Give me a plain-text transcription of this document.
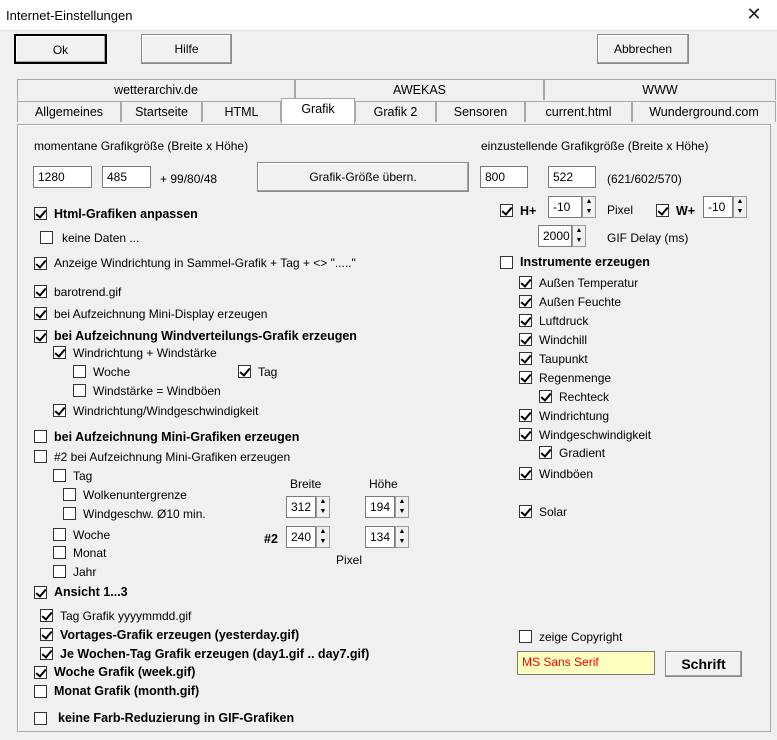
Internet-Einstellungen	✕
Ok	Hilfe	Abbrechen
wetterarchiv.de	AWEKAS	WWW
Allgemeines	Startseite	HTML	Grafik	Grafik 2	Sensoren	current.html	Wunderground.com
momentane Grafikgröße (Breite x Höhe)
1280	485	+ 99/80/48	Grafik-Größe übern.
Html-Grafiken anpassen
keine Daten ...
Anzeige Windrichtung in Sammel-Grafik + Tag + <> "....."
barotrend.gif
bei Aufzeichnung Mini-Display erzeugen
bei Aufzeichnung Windverteilungs-Grafik erzeugen
Windrichtung + Windstärke
Woche	Tag
Windstärke = Windböen
Windrichtung/Windgeschwindigkeit
bei Aufzeichnung Mini-Grafiken erzeugen
#2 bei Aufzeichnung Mini-Grafiken erzeugen
Tag
Wolkenuntergrenze
Windgeschw. Ø10 min.
Woche
Monat
Jahr
Breite	Höhe
312	▲
▼	194	▲
▼
#2	240	▲
▼	134	▲
▼
Pixel
Ansicht 1...3
Tag Grafik yyyymmdd.gif
Vortages-Grafik erzeugen (yesterday.gif)
Je Wochen-Tag Grafik erzeugen (day1.gif .. day7.gif)
Woche Grafik (week.gif)
Monat Grafik (month.gif)
keine Farb-Reduzierung in GIF-Grafiken
einzustellende Grafikgröße (Breite x Höhe)
800	522	(621/602/570)
H+	-10	▲
▼ Pixel	W+	-10	▲
▼
2000 ▲
▼ GIF Delay (ms)
Instrumente erzeugen
Außen Temperatur
Außen Feuchte
Luftdruck
Windchill
Taupunkt
Regenmenge
Rechteck
Windrichtung
Windgeschwindigkeit
Gradient
Windböen
Solar
zeige Copyright
MS Sans Serif	Schrift
